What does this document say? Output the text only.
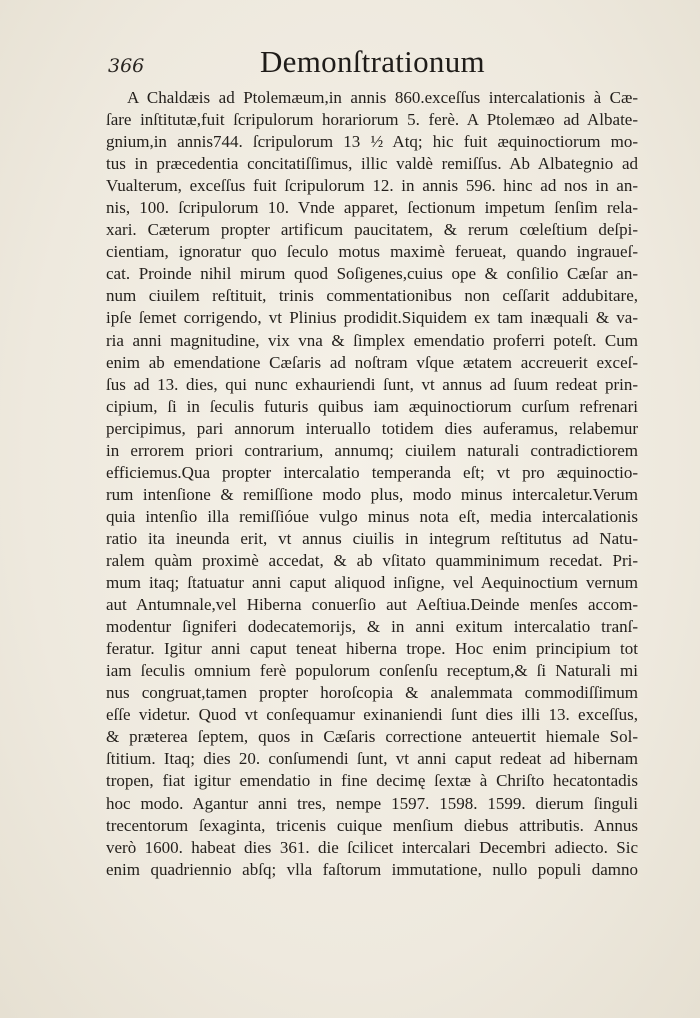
366	Demonſtrationum
A Chaldæis ad Ptolemæum,in annis 860.exceſſus intercalationis à Cæ-
ſare inſtitutæ,fuit ſcripulorum horariorum 5. ferè. A Ptolemæo ad Albate-
gnium,in annis744. ſcripulorum 13 ½ Atq; hic fuit æquinoctiorum mo-
tus in præcedentia concitatiſſimus, illic valdè remiſſus. Ab Albategnio ad
Vualterum, exceſſus fuit ſcripulorum 12. in annis 596. hinc ad nos in an-
nis, 100. ſcripulorum 10. Vnde apparet, ſectionum impetum ſenſim rela-
xari. Cæterum propter artificum paucitatem, & rerum cœleſtium deſpi-
cientiam, ignoratur quo ſeculo motus maximè ferueat, quando ingraueſ-
cat. Proinde nihil mirum quod Soſigenes,cuius ope & conſilio Cæſar an-
num ciuilem reſtituit, trinis commentationibus non ceſſarit addubitare,
ipſe ſemet corrigendo, vt Plinius prodidit.Siquidem ex tam inæquali & va-
ria anni magnitudine, vix vna & ſimplex emendatio proferri poteſt. Cum
enim ab emendatione Cæſaris ad noſtram vſque ætatem accreuerit exceſ-
ſus ad 13. dies, qui nunc exhauriendi ſunt, vt annus ad ſuum redeat prin-
cipium, ſi in ſeculis futuris quibus iam æquinoctiorum curſum refrenari
percipimus, pari annorum interuallo totidem dies auferamus, relabemur
in errorem priori contrarium, annumq; ciuilem naturali contradictiorem
efficiemus.Qua propter intercalatio temperanda eſt; vt pro æquinoctio-
rum intenſione & remiſſione modo plus, modo minus intercaletur.Verum
quia intenſio illa remiſſióue vulgo minus nota eſt, media intercalationis
ratio ita ineunda erit, vt annus ciuilis in integrum reſtitutus ad Natu-
ralem quàm proximè accedat, & ab vſitato quamminimum recedat. Pri-
mum itaq; ſtatuatur anni caput aliquod inſigne, vel Aequinoctium vernum
aut Antumnale,vel Hiberna conuerſio aut Aeſtiua.Deinde menſes accom-
modentur ſigniferi dodecatemorijs, & in anni exitum intercalatio tranſ-
feratur. Igitur anni caput teneat hiberna trope. Hoc enim principium tot
iam ſeculis omnium ferè populorum conſenſu receptum,& ſi Naturali mi
nus congruat,tamen propter horoſcopia & analemmata commodiſſimum
eſſe videtur. Quod vt conſequamur exinaniendi ſunt dies illi 13. exceſſus,
& præterea ſeptem, quos in Cæſaris correctione anteuertit hiemale Sol-
ſtitium. Itaq; dies 20. conſumendi ſunt, vt anni caput redeat ad hibernam
tropen, fiat igitur emendatio in fine decimę ſextæ à Chriſto hecatontadis
hoc modo. Agantur anni tres, nempe 1597. 1598. 1599. dierum ſinguli
trecentorum ſexaginta, tricenis cuique menſium diebus attributis. Annus
verò 1600. habeat dies 361. die ſcilicet intercalari Decembri adiecto. Sic
enim quadriennio abſq; vlla faſtorum immutatione, nullo populi damno
